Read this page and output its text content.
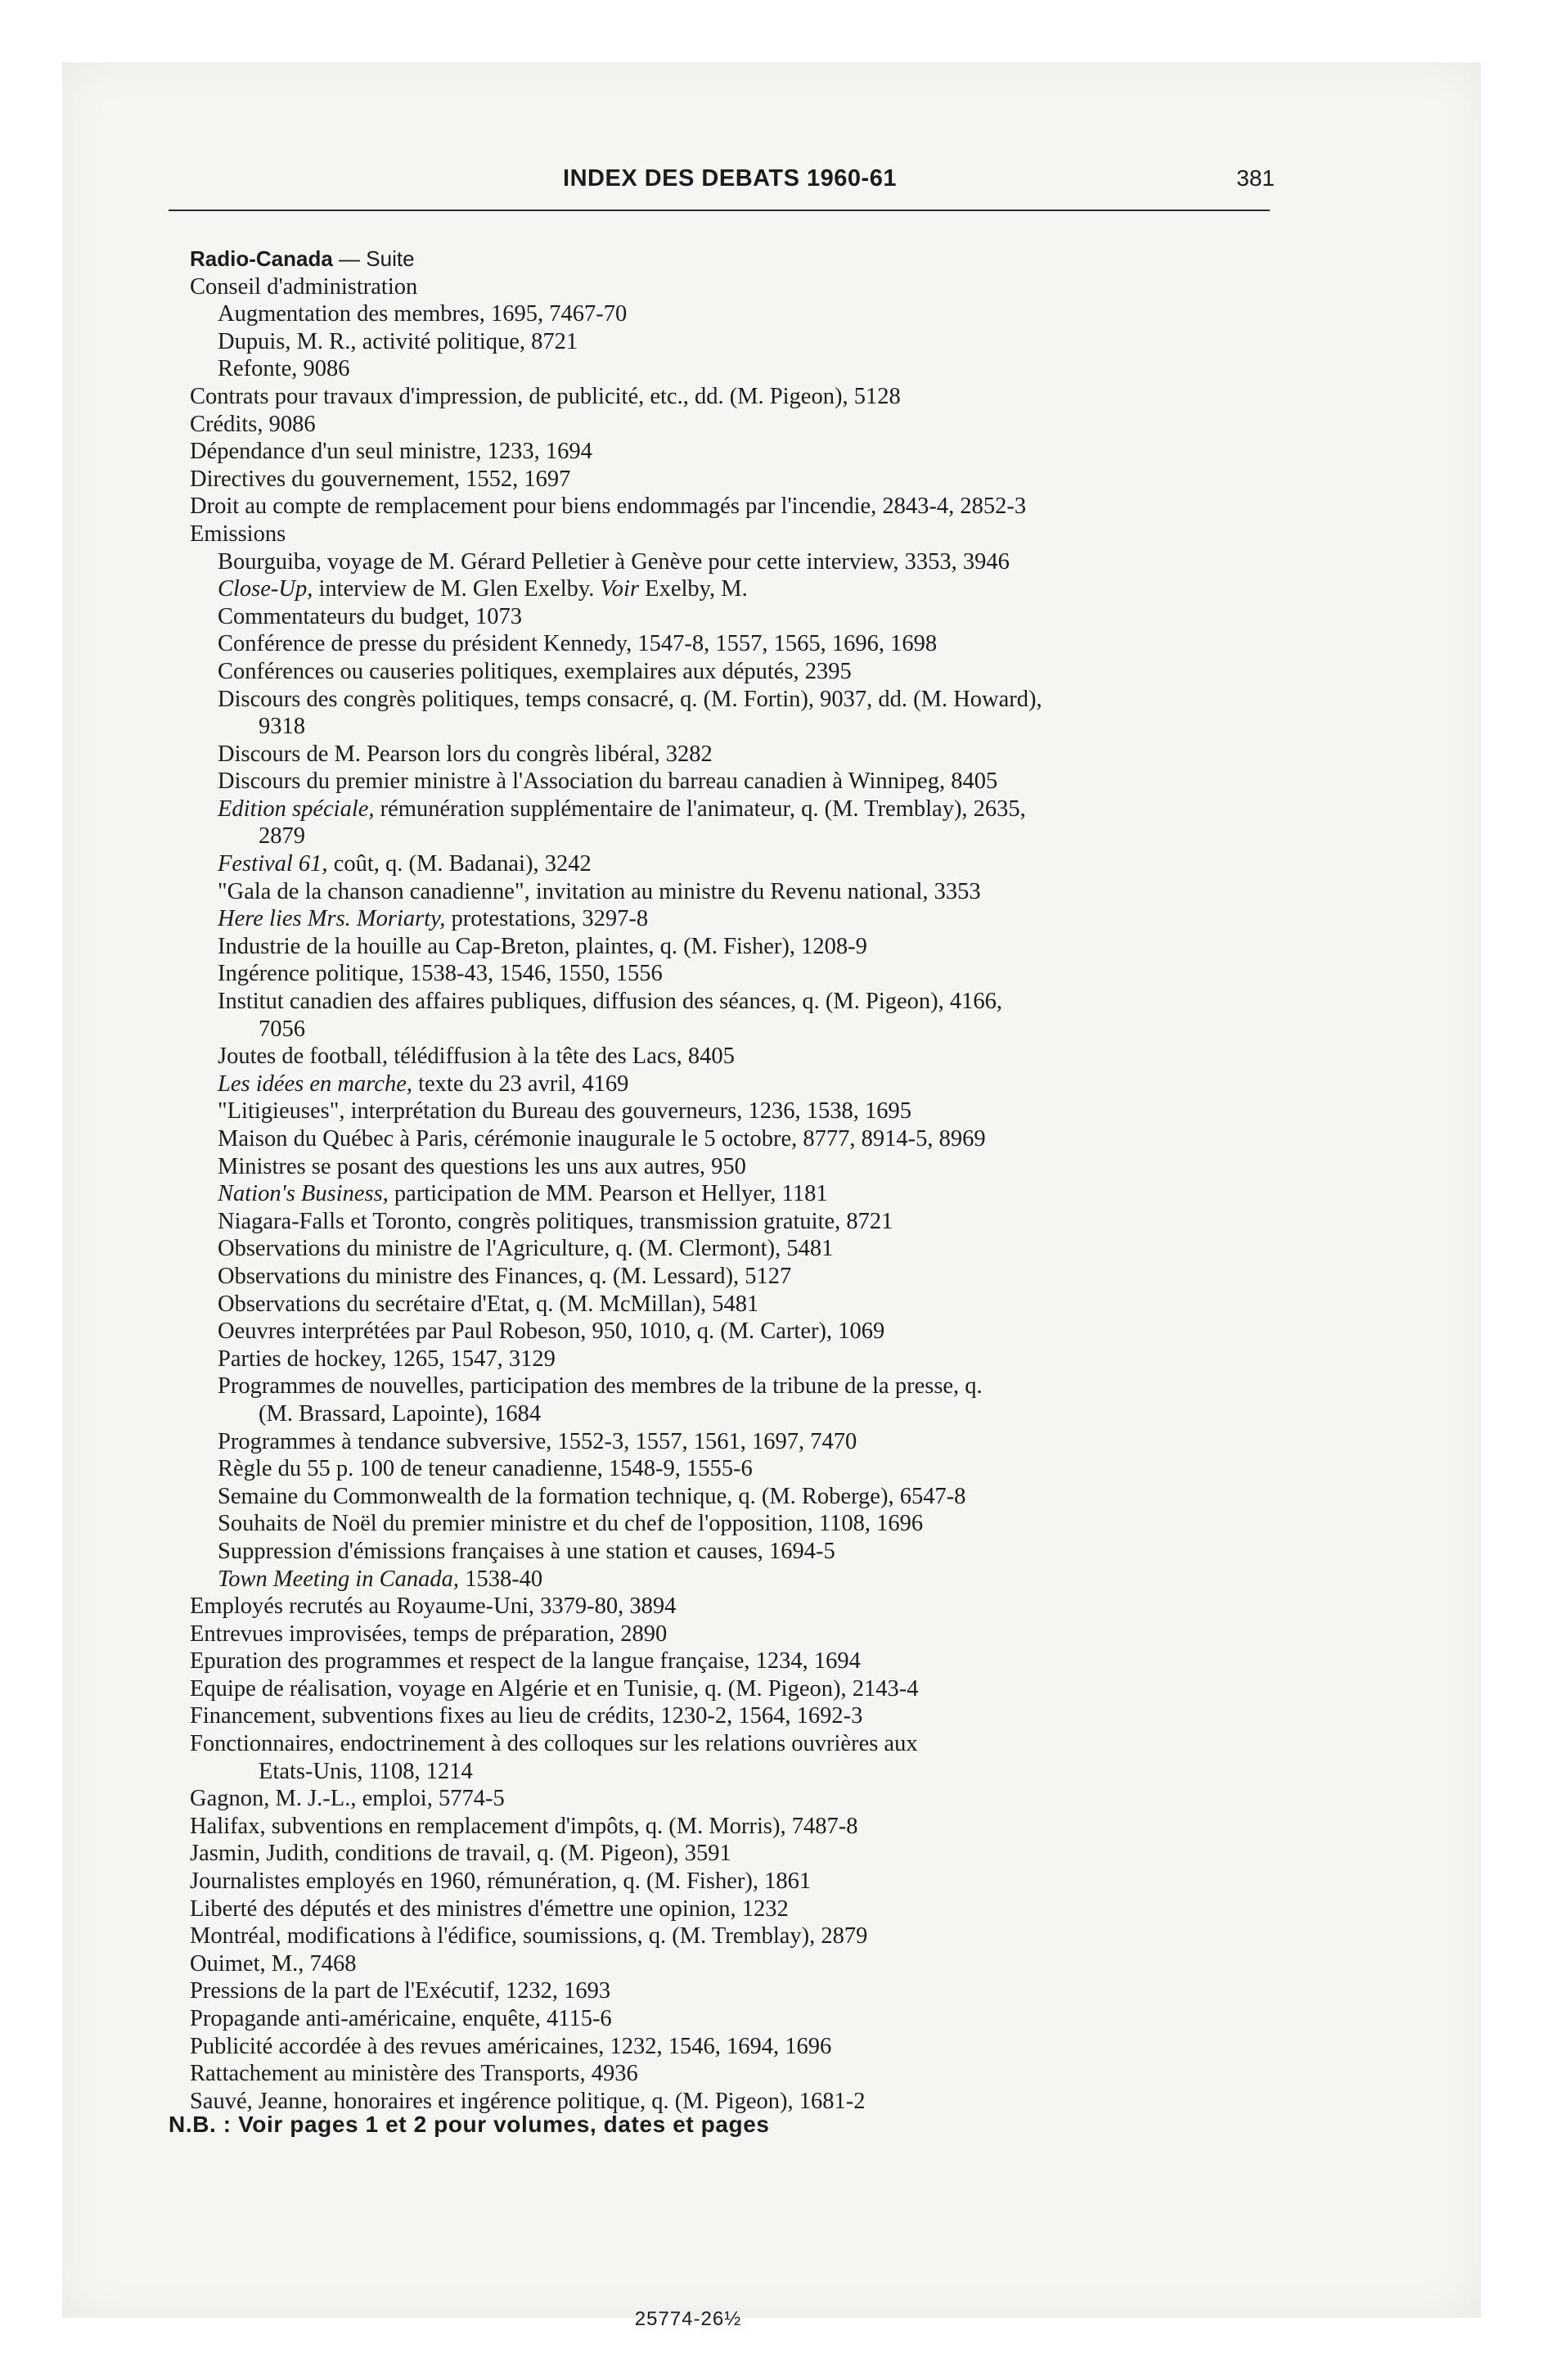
INDEX DES DEBATS 1960-61	381
Radio-Canada — Suite
Conseil d'administration
Augmentation des membres, 1695, 7467-70
Dupuis, M. R., activité politique, 8721
Refonte, 9086
Contrats pour travaux d'impression, de publicité, etc., dd. (M. Pigeon), 5128
Crédits, 9086
Dépendance d'un seul ministre, 1233, 1694
Directives du gouvernement, 1552, 1697
Droit au compte de remplacement pour biens endommagés par l'incendie, 2843-4, 2852-3
Emissions
Bourguiba, voyage de M. Gérard Pelletier à Genève pour cette interview, 3353, 3946
Close-Up, interview de M. Glen Exelby. Voir Exelby, M.
Commentateurs du budget, 1073
Conférence de presse du président Kennedy, 1547-8, 1557, 1565, 1696, 1698
Conférences ou causeries politiques, exemplaires aux députés, 2395
Discours des congrès politiques, temps consacré, q. (M. Fortin), 9037, dd. (M. Howard),
9318
Discours de M. Pearson lors du congrès libéral, 3282
Discours du premier ministre à l'Association du barreau canadien à Winnipeg, 8405
Edition spéciale, rémunération supplémentaire de l'animateur, q. (M. Tremblay), 2635,
2879
Festival 61, coût, q. (M. Badanai), 3242
"Gala de la chanson canadienne", invitation au ministre du Revenu national, 3353
Here lies Mrs. Moriarty, protestations, 3297-8
Industrie de la houille au Cap-Breton, plaintes, q. (M. Fisher), 1208-9
Ingérence politique, 1538-43, 1546, 1550, 1556
Institut canadien des affaires publiques, diffusion des séances, q. (M. Pigeon), 4166,
7056
Joutes de football, télédiffusion à la tête des Lacs, 8405
Les idées en marche, texte du 23 avril, 4169
"Litigieuses", interprétation du Bureau des gouverneurs, 1236, 1538, 1695
Maison du Québec à Paris, cérémonie inaugurale le 5 octobre, 8777, 8914-5, 8969
Ministres se posant des questions les uns aux autres, 950
Nation's Business, participation de MM. Pearson et Hellyer, 1181
Niagara-Falls et Toronto, congrès politiques, transmission gratuite, 8721
Observations du ministre de l'Agriculture, q. (M. Clermont), 5481
Observations du ministre des Finances, q. (M. Lessard), 5127
Observations du secrétaire d'Etat, q. (M. McMillan), 5481
Oeuvres interprétées par Paul Robeson, 950, 1010, q. (M. Carter), 1069
Parties de hockey, 1265, 1547, 3129
Programmes de nouvelles, participation des membres de la tribune de la presse, q.
(M. Brassard, Lapointe), 1684
Programmes à tendance subversive, 1552-3, 1557, 1561, 1697, 7470
Règle du 55 p. 100 de teneur canadienne, 1548-9, 1555-6
Semaine du Commonwealth de la formation technique, q. (M. Roberge), 6547-8
Souhaits de Noël du premier ministre et du chef de l'opposition, 1108, 1696
Suppression d'émissions françaises à une station et causes, 1694-5
Town Meeting in Canada, 1538-40
Employés recrutés au Royaume-Uni, 3379-80, 3894
Entrevues improvisées, temps de préparation, 2890
Epuration des programmes et respect de la langue française, 1234, 1694
Equipe de réalisation, voyage en Algérie et en Tunisie, q. (M. Pigeon), 2143-4
Financement, subventions fixes au lieu de crédits, 1230-2, 1564, 1692-3
Fonctionnaires, endoctrinement à des colloques sur les relations ouvrières aux
Etats-Unis, 1108, 1214
Gagnon, M. J.-L., emploi, 5774-5
Halifax, subventions en remplacement d'impôts, q. (M. Morris), 7487-8
Jasmin, Judith, conditions de travail, q. (M. Pigeon), 3591
Journalistes employés en 1960, rémunération, q. (M. Fisher), 1861
Liberté des députés et des ministres d'émettre une opinion, 1232
Montréal, modifications à l'édifice, soumissions, q. (M. Tremblay), 2879
Ouimet, M., 7468
Pressions de la part de l'Exécutif, 1232, 1693
Propagande anti-américaine, enquête, 4115-6
Publicité accordée à des revues américaines, 1232, 1546, 1694, 1696
Rattachement au ministère des Transports, 4936
Sauvé, Jeanne, honoraires et ingérence politique, q. (M. Pigeon), 1681-2
N.B. : Voir pages 1 et 2 pour volumes, dates et pages
25774-26½
